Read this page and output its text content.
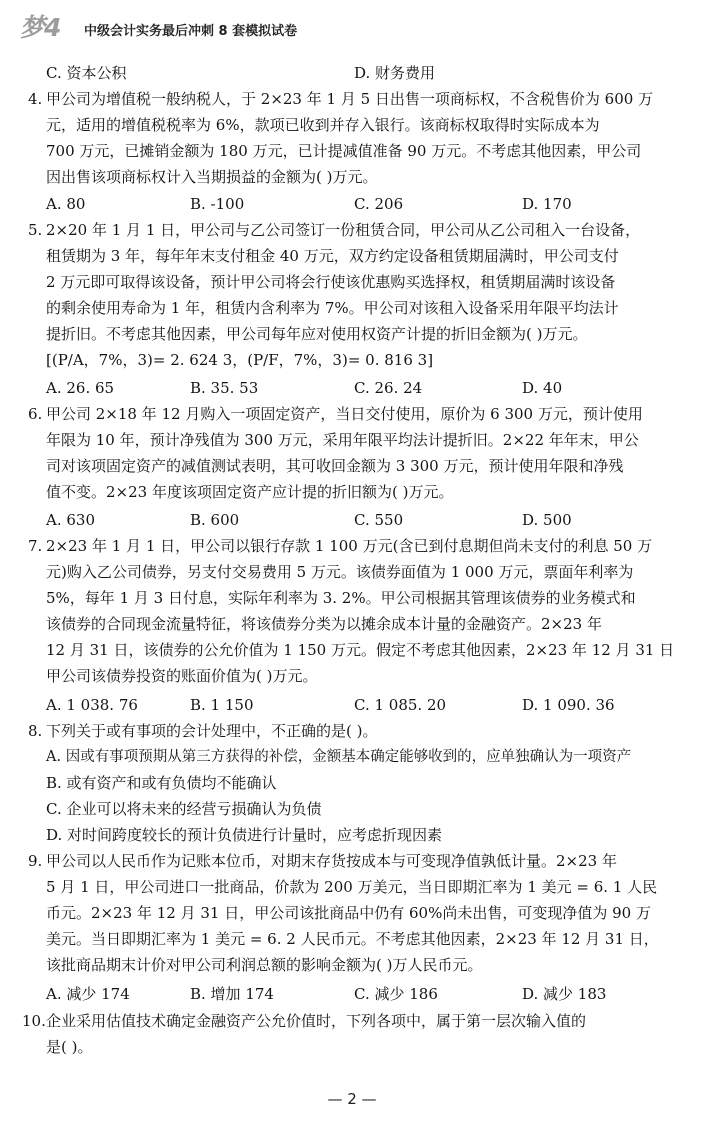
梦4 中级会计实务最后冲刺 8 套模拟试卷
C. 资本公积	D. 财务费用
4. 甲公司为增值税一般纳税人，于 2×23 年 1 月 5 日出售一项商标权，不含税售价为 600 万
元，适用的增值税税率为 6%，款项已收到并存入银行。该商标权取得时实际成本为
700 万元，已摊销金额为 180 万元，已计提减值准备 90 万元。不考虑其他因素，甲公司
因出售该项商标权计入当期损益的金额为( )万元。
A. 80	B. -100	C. 206	D. 170
5. 2×20 年 1 月 1 日，甲公司与乙公司签订一份租赁合同，甲公司从乙公司租入一台设备，
租赁期为 3 年，每年年末支付租金 40 万元，双方约定设备租赁期届满时，甲公司支付
2 万元即可取得该设备，预计甲公司将会行使该优惠购买选择权，租赁期届满时该设备
的剩余使用寿命为 1 年，租赁内含利率为 7%。甲公司对该租入设备采用年限平均法计
提折旧。不考虑其他因素，甲公司每年应对使用权资产计提的折旧金额为( )万元。
[(P/A，7%，3)= 2. 624 3，(P/F，7%，3)= 0. 816 3]
A. 26. 65	B. 35. 53	C. 26. 24	D. 40
6. 甲公司 2×18 年 12 月购入一项固定资产，当日交付使用，原价为 6 300 万元，预计使用
年限为 10 年，预计净残值为 300 万元，采用年限平均法计提折旧。2×22 年年末，甲公
司对该项固定资产的减值测试表明，其可收回金额为 3 300 万元，预计使用年限和净残
值不变。2×23 年度该项固定资产应计提的折旧额为( )万元。
A. 630	B. 600	C. 550	D. 500
7. 2×23 年 1 月 1 日，甲公司以银行存款 1 100 万元(含已到付息期但尚未支付的利息 50 万
元)购入乙公司债券，另支付交易费用 5 万元。该债券面值为 1 000 万元，票面年利率为
5%，每年 1 月 3 日付息，实际年利率为 3. 2%。甲公司根据其管理该债券的业务模式和
该债券的合同现金流量特征，将该债券分类为以摊余成本计量的金融资产。2×23 年
12 月 31 日，该债券的公允价值为 1 150 万元。假定不考虑其他因素，2×23 年 12 月 31 日
甲公司该债券投资的账面价值为( )万元。
A. 1 038. 76	B. 1 150	C. 1 085. 20	D. 1 090. 36
8. 下列关于或有事项的会计处理中，不正确的是( )。
A. 因或有事项预期从第三方获得的补偿，金额基本确定能够收到的，应单独确认为一项资产
B. 或有资产和或有负债均不能确认
C. 企业可以将未来的经营亏损确认为负债
D. 对时间跨度较长的预计负债进行计量时，应考虑折现因素
9. 甲公司以人民币作为记账本位币，对期末存货按成本与可变现净值孰低计量。2×23 年
5 月 1 日，甲公司进口一批商品，价款为 200 万美元，当日即期汇率为 1 美元 = 6. 1 人民
币元。2×23 年 12 月 31 日，甲公司该批商品中仍有 60%尚未出售，可变现净值为 90 万
美元。当日即期汇率为 1 美元 = 6. 2 人民币元。不考虑其他因素，2×23 年 12 月 31 日，
该批商品期末计价对甲公司利润总额的影响金额为( )万人民币元。
A. 减少 174	B. 增加 174	C. 减少 186	D. 减少 183
10. 企业采用估值技术确定金融资产公允价值时，下列各项中，属于第一层次输入值的
是( )。
— 2 —
